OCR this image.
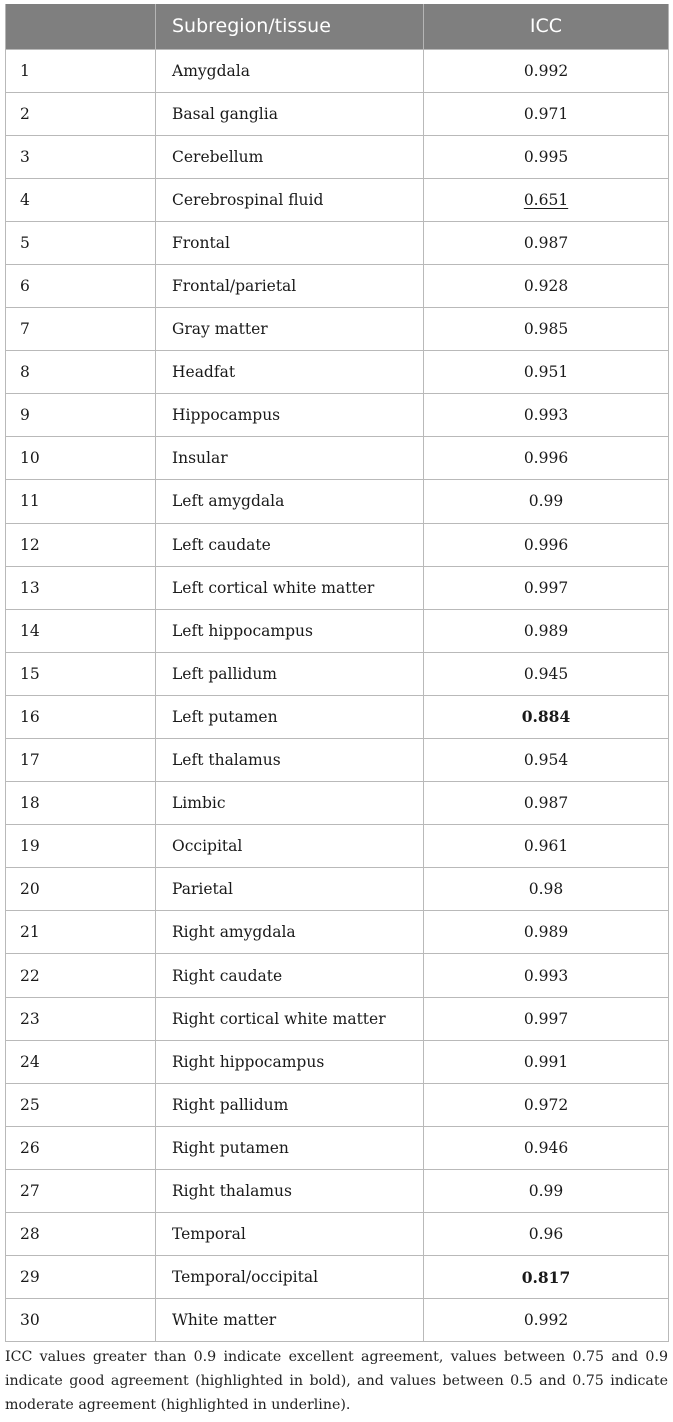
	Subregion/tissue	ICC
1	Amygdala	0.992
2	Basal ganglia	0.971
3	Cerebellum	0.995
4	Cerebrospinal fluid	0.651
5	Frontal	0.987
6	Frontal/parietal	0.928
7	Gray matter	0.985
8	Headfat	0.951
9	Hippocampus	0.993
10	Insular	0.996
11	Left amygdala	0.99
12	Left caudate	0.996
13	Left cortical white matter	0.997
14	Left hippocampus	0.989
15	Left pallidum	0.945
16	Left putamen	0.884
17	Left thalamus	0.954
18	Limbic	0.987
19	Occipital	0.961
20	Parietal	0.98
21	Right amygdala	0.989
22	Right caudate	0.993
23	Right cortical white matter	0.997
24	Right hippocampus	0.991
25	Right pallidum	0.972
26	Right putamen	0.946
27	Right thalamus	0.99
28	Temporal	0.96
29	Temporal/occipital	0.817
30	White matter	0.992

ICC values greater than 0.9 indicate excellent agreement, values between 0.75 and 0.9 indicate good agreement (highlighted in bold), and values between 0.5 and 0.75 indicate moderate agreement (highlighted in underline).
